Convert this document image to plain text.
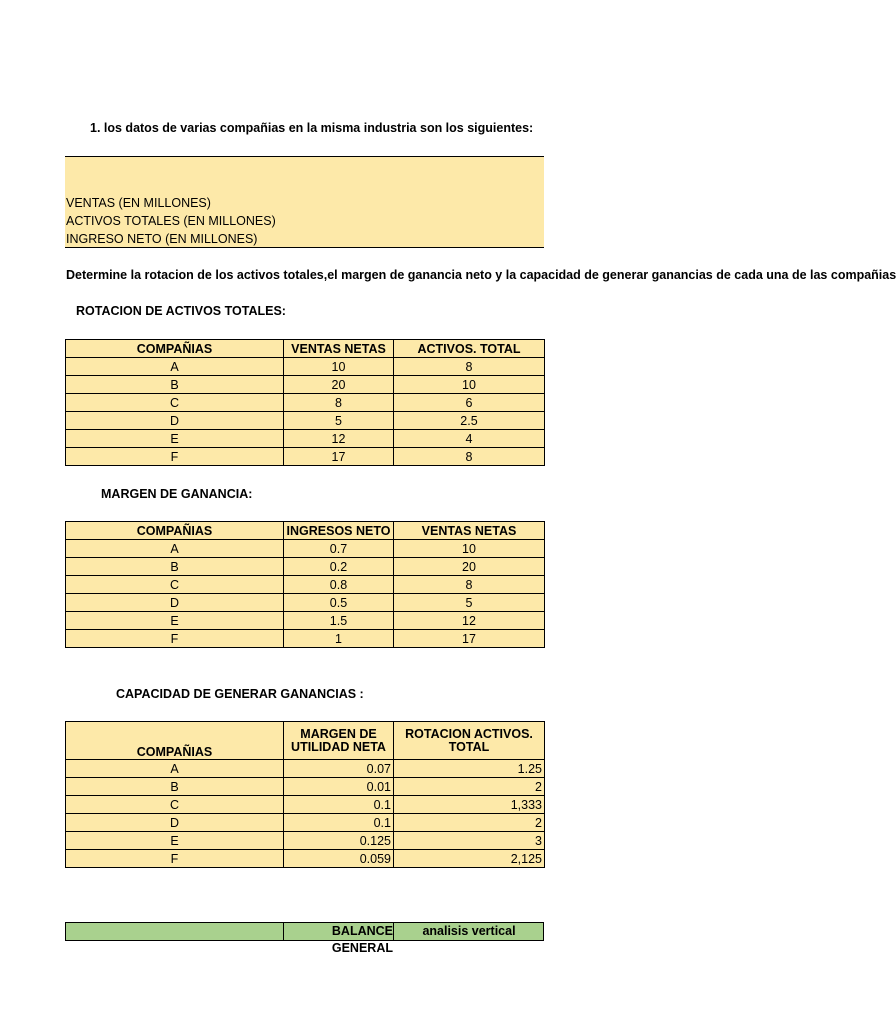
1. los datos de varias compañias en la misma industria son los siguientes:
VENTAS (EN MILLONES)
ACTIVOS TOTALES (EN MILLONES)
INGRESO NETO (EN MILLONES)
Determine la rotacion de los activos totales,el margen de ganancia neto y la capacidad de generar ganancias de cada una de las compañias
ROTACION DE ACTIVOS TOTALES:
COMPAÑIAS	VENTAS NETAS	ACTIVOS. TOTAL
A	10	8
B	20	10
C	8	6
D	5	2.5
E	12	4
F	17	8
MARGEN DE GANANCIA:
COMPAÑIAS	INGRESOS NETO	VENTAS NETAS
A	0.7	10
B	0.2	20
C	0.8	8
D	0.5	5
E	1.5	12
F	1	17
CAPACIDAD DE GENERAR GANANCIAS :
COMPAÑIAS	MARGEN DE UTILIDAD NETA	ROTACION ACTIVOS. TOTAL
A	0.07	1.25
B	0.01	2
C	0.1	1,333
D	0.1	2
E	0.125	3
F	0.059	2,125
BALANCE GENERAL
analisis vertical
